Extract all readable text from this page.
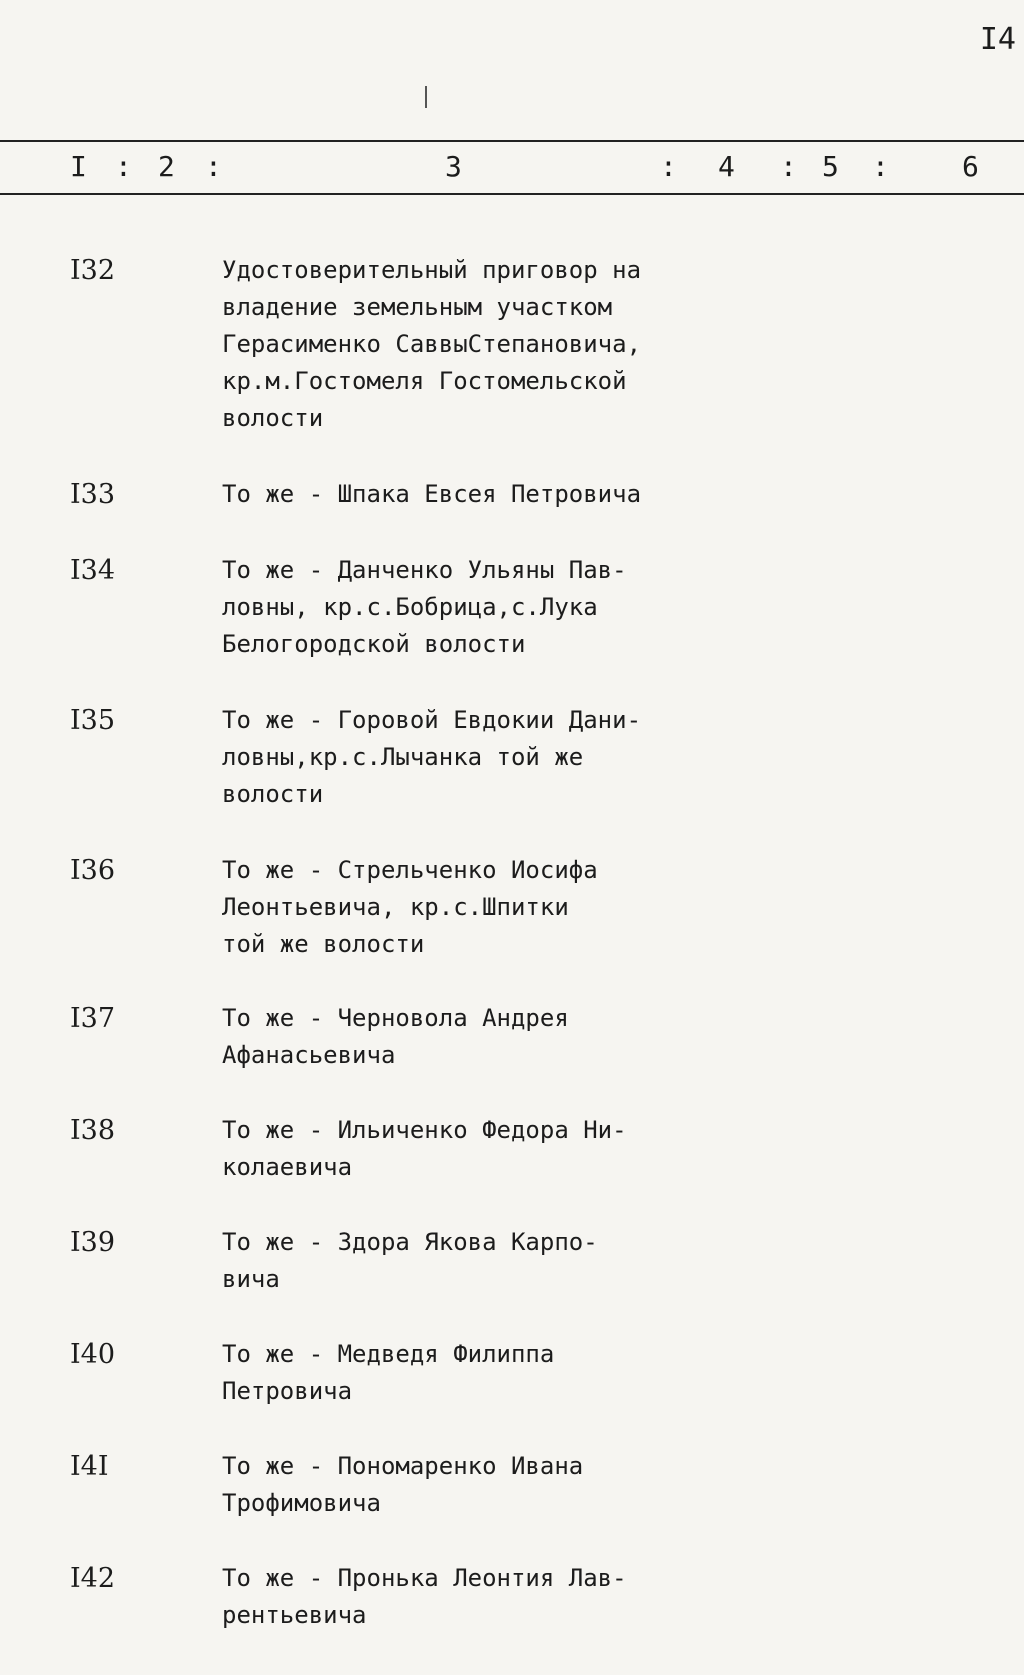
I4
I : 2 :	3	: 4 : 5 :	6
I32	Удостоверительный приговор на
владение земельным участком
Герасименко СаввыСтепановича,
кр.м.Гостомеля Гостомельской
волости
I33	То же - Шпака Евсея Петровича
I34	То же - Данченко Ульяны Пав-
ловны, кр.с.Бобрица,с.Лука
Белогородской волости
I35	То же - Горовой Евдокии Дани-
ловны,кр.с.Лычанка той же
волости
I36	То же - Стрельченко Иосифа
Леонтьевича, кр.с.Шпитки
той же волости
I37	То же - Черновола Андрея
Афанасьевича
I38	То же - Ильиченко Федора Ни-
колаевича
I39	То же - Здора Якова Карпо-
вича
I40	То же - Медведя Филиппа
Петровича
I4I	То же - Пономаренко Ивана
Трофимовича
I42	То же - Пронька Леонтия Лав-
рентьевича
